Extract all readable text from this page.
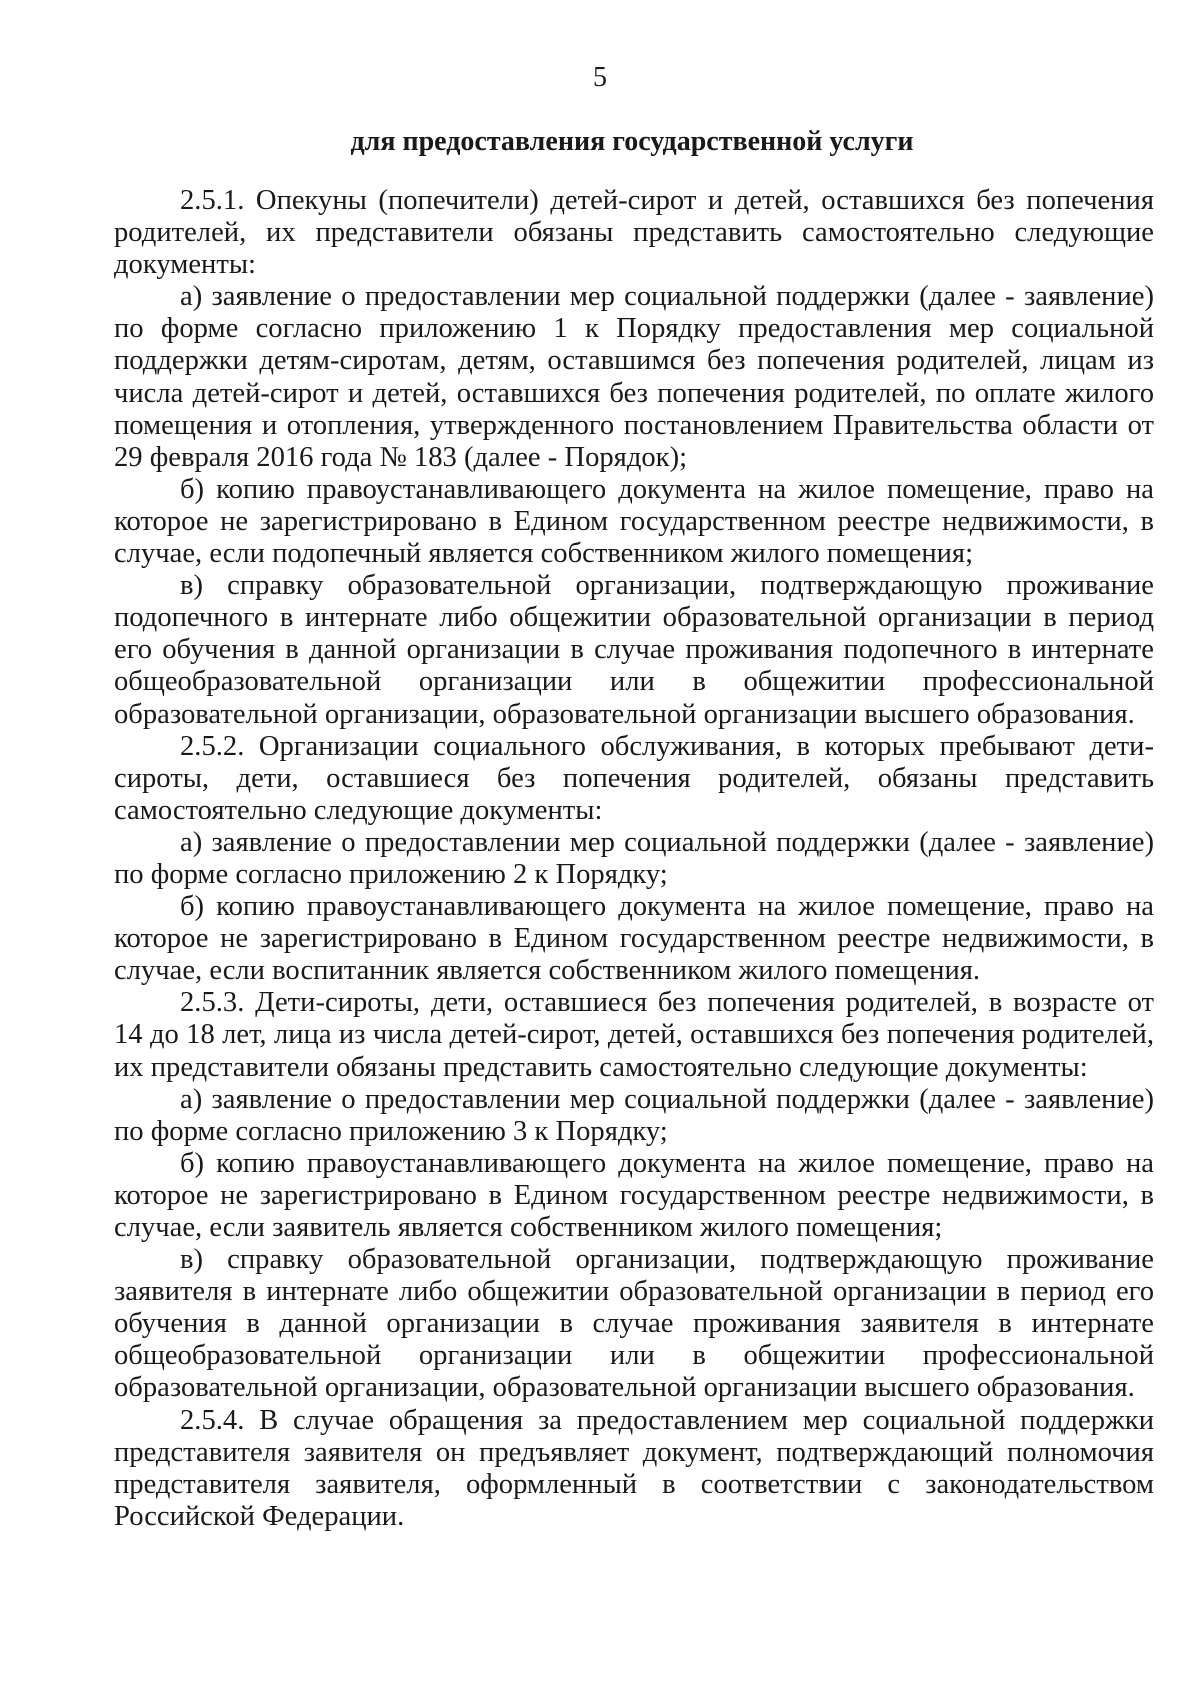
5
для предоставления государственной услуги

2.5.1. Опекуны (попечители) детей-сирот и детей, оставшихся без попечения родителей, их представители обязаны представить самостоятельно следующие документы:

а) заявление о предоставлении мер социальной поддержки (далее - заявление) по форме согласно приложению 1 к Порядку предоставления мер социальной поддержки детям-сиротам, детям, оставшимся без попечения родителей, лицам из числа детей-сирот и детей, оставшихся без попечения родителей, по оплате жилого помещения и отопления, утвержденного постановлением Правительства области от 29 февраля 2016 года № 183 (далее - Порядок);

б) копию правоустанавливающего документа на жилое помещение, право на которое не зарегистрировано в Едином государственном реестре недвижимости, в случае, если подопечный является собственником жилого помещения;

в) справку образовательной организации, подтверждающую проживание подопечного в интернате либо общежитии образовательной организации в период его обучения в данной организации в случае проживания подопечного в интернате общеобразовательной организации или в общежитии профессиональной образовательной организации, образовательной организации высшего образования.

2.5.2. Организации социального обслуживания, в которых пребывают дети-сироты, дети, оставшиеся без попечения родителей, обязаны представить самостоятельно следующие документы:

а) заявление о предоставлении мер социальной поддержки (далее - заявление) по форме согласно приложению 2 к Порядку;

б) копию правоустанавливающего документа на жилое помещение, право на которое не зарегистрировано в Едином государственном реестре недвижимости, в случае, если воспитанник является собственником жилого помещения.

2.5.3. Дети-сироты, дети, оставшиеся без попечения родителей, в возрасте от 14 до 18 лет, лица из числа детей-сирот, детей, оставшихся без попечения родителей, их представители обязаны представить самостоятельно следующие документы:

а) заявление о предоставлении мер социальной поддержки (далее - заявление) по форме согласно приложению 3 к Порядку;

б) копию правоустанавливающего документа на жилое помещение, право на которое не зарегистрировано в Едином государственном реестре недвижимости, в случае, если заявитель является собственником жилого помещения;

в) справку образовательной организации, подтверждающую проживание заявителя в интернате либо общежитии образовательной организации в период его обучения в данной организации в случае проживания заявителя в интернате общеобразовательной организации или в общежитии профессиональной образовательной организации, образовательной организации высшего образования.

2.5.4. В случае обращения за предоставлением мер социальной поддержки представителя заявителя он предъявляет документ, подтверждающий полномочия представителя заявителя, оформленный в соответствии с законодательством Российской Федерации.
